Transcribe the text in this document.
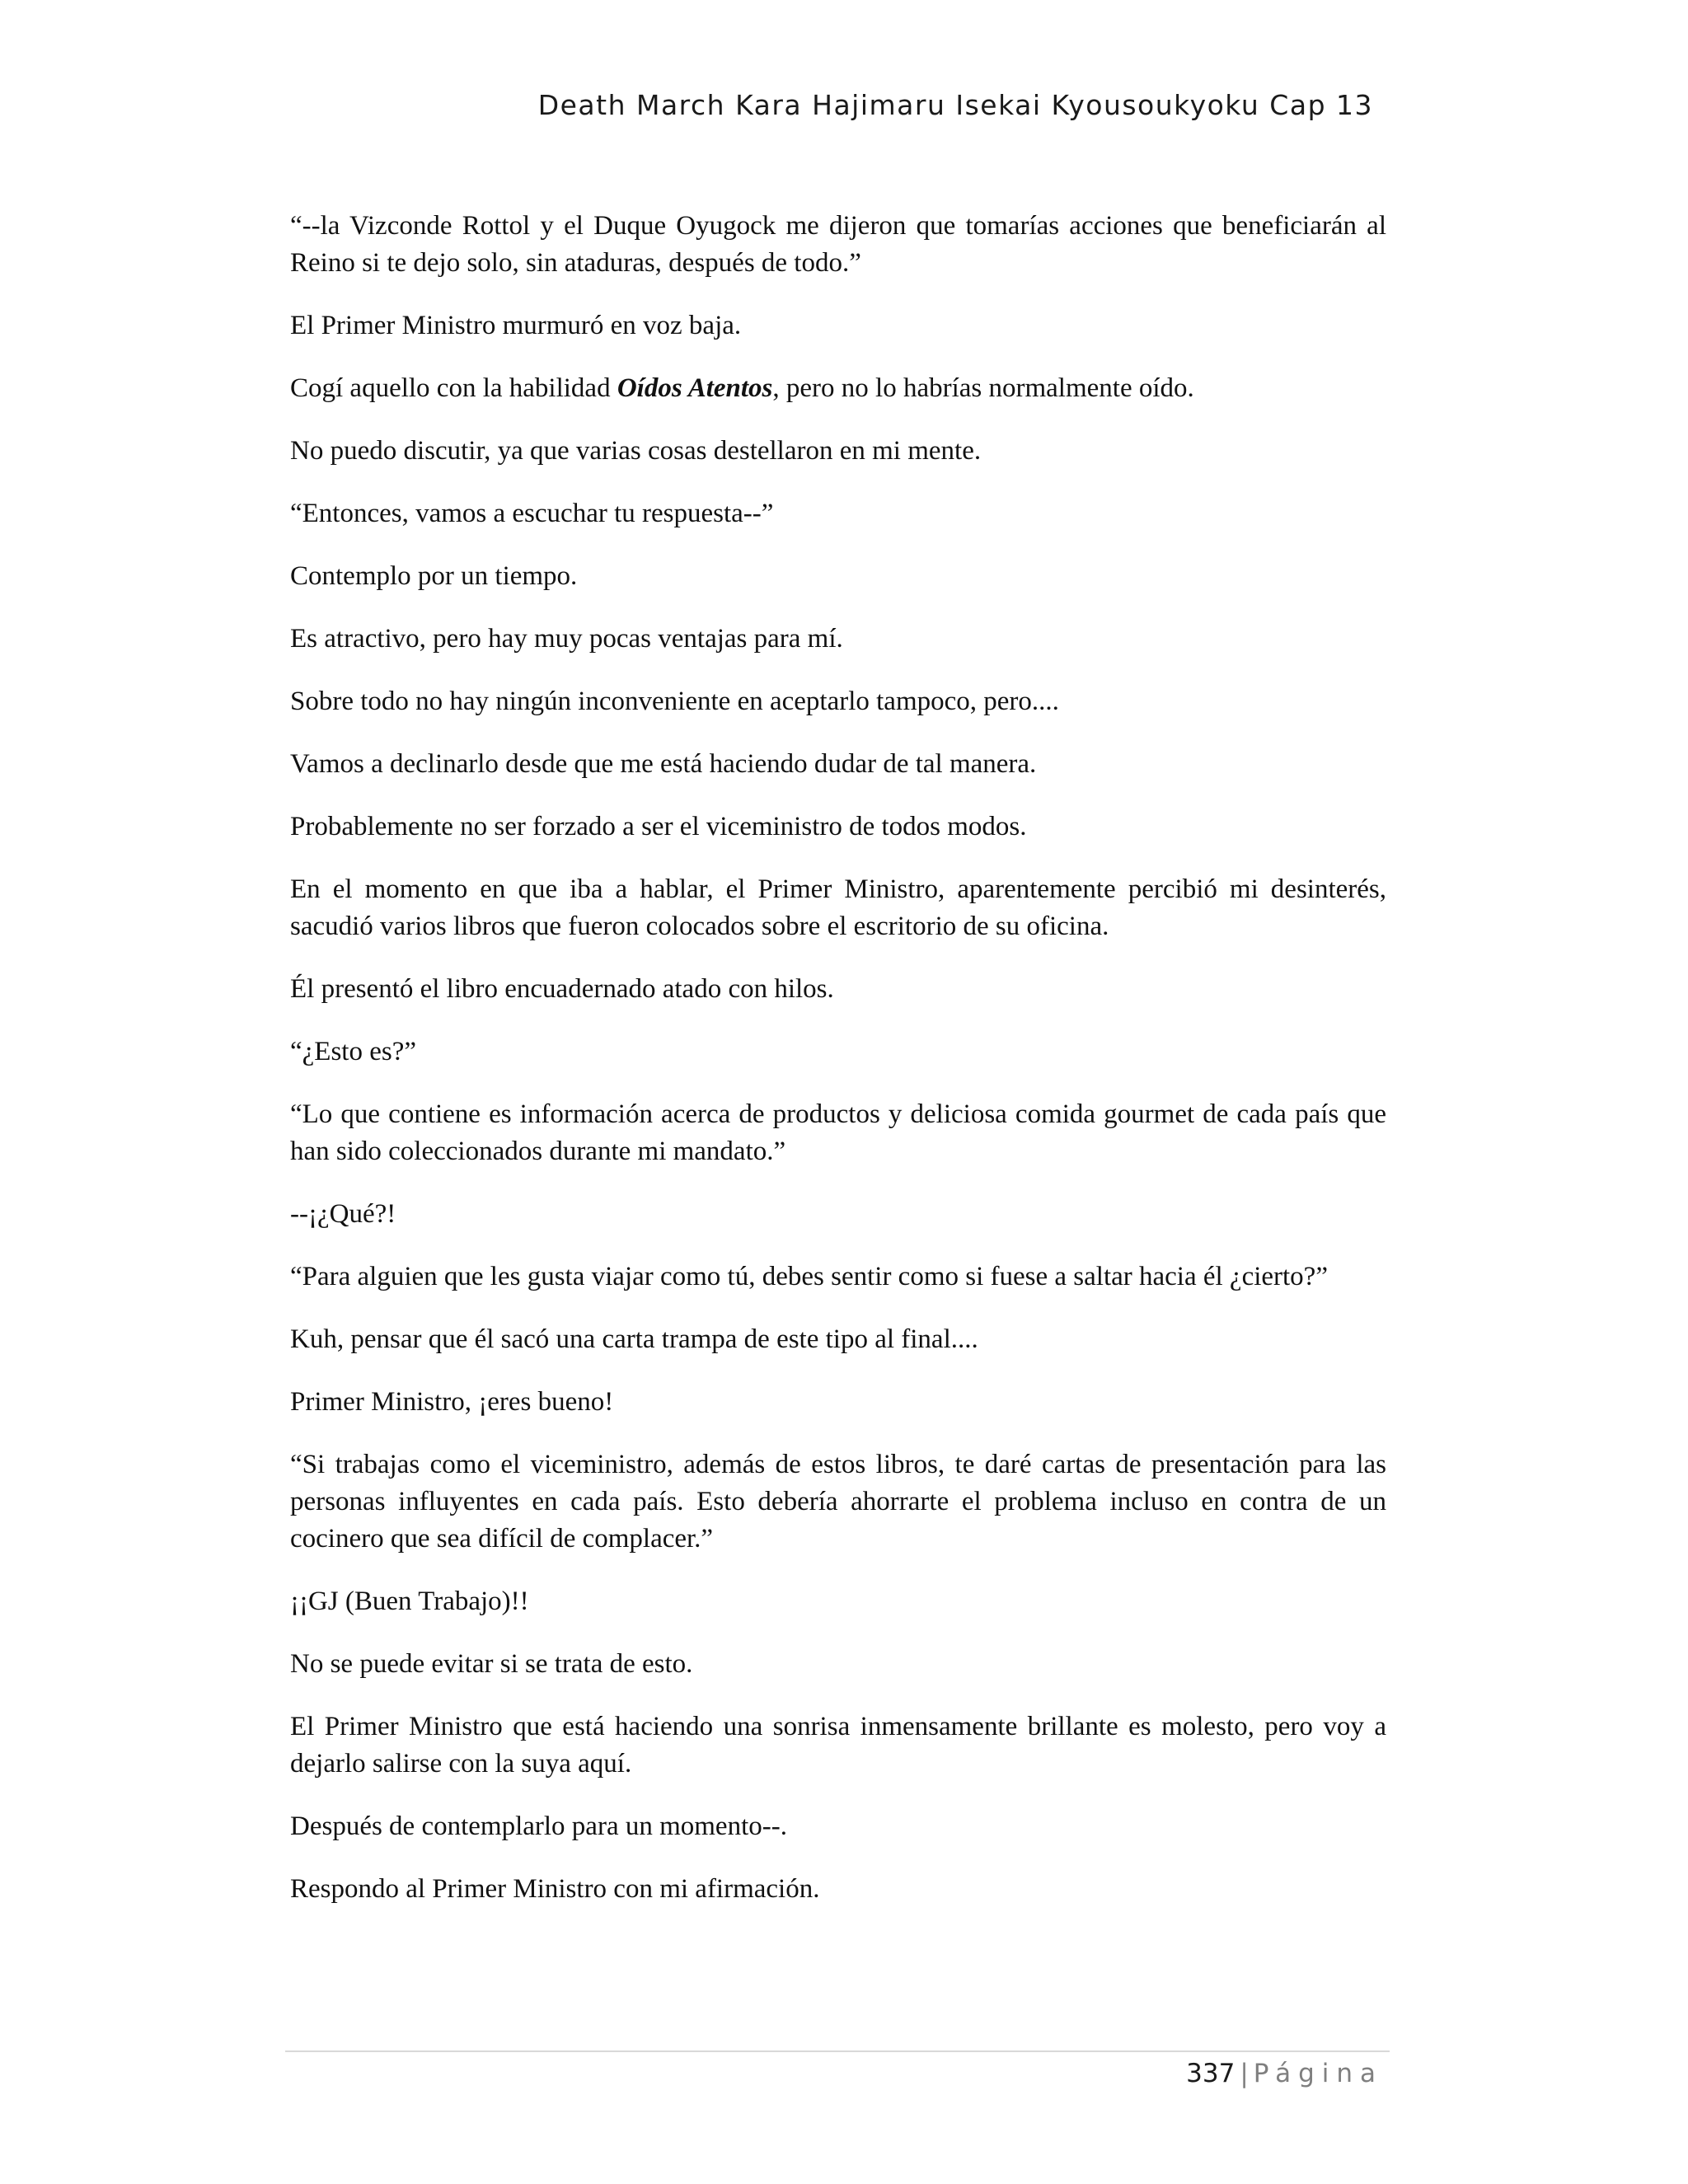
Death March Kara Hajimaru Isekai Kyousoukyoku Cap 13

“--la Vizconde Rottol y el Duque Oyugock me dijeron que tomarías acciones que beneficiarán al Reino si te dejo solo, sin ataduras, después de todo.”

El Primer Ministro murmuró en voz baja.

Cogí aquello con la habilidad Oídos Atentos, pero no lo habrías normalmente oído.

No puedo discutir, ya que varias cosas destellaron en mi mente.

“Entonces, vamos a escuchar tu respuesta--”

Contemplo por un tiempo.

Es atractivo, pero hay muy pocas ventajas para mí.

Sobre todo no hay ningún inconveniente en aceptarlo tampoco, pero....

Vamos a declinarlo desde que me está haciendo dudar de tal manera.

Probablemente no ser forzado a ser el viceministro de todos modos.

En el momento en que iba a hablar, el Primer Ministro, aparentemente percibió mi desinterés, sacudió varios libros que fueron colocados sobre el escritorio de su oficina.

Él presentó el libro encuadernado atado con hilos.

“¿Esto es?”

“Lo que contiene es información acerca de productos y deliciosa comida gourmet de cada país que han sido coleccionados durante mi mandato.”

--¡¿Qué?!

“Para alguien que les gusta viajar como tú, debes sentir como si fuese a saltar hacia él ¿cierto?”

Kuh, pensar que él sacó una carta trampa de este tipo al final....

Primer Ministro, ¡eres bueno!

“Si trabajas como el viceministro, además de estos libros, te daré cartas de presentación para las personas influyentes en cada país. Esto debería ahorrarte el problema incluso en contra de un cocinero que sea difícil de complacer.”

¡¡GJ (Buen Trabajo)!!

No se puede evitar si se trata de esto.

El Primer Ministro que está haciendo una sonrisa inmensamente brillante es molesto, pero voy a dejarlo salirse con la suya aquí.

Después de contemplarlo para un momento--.

Respondo al Primer Ministro con mi afirmación.

337 | Página
